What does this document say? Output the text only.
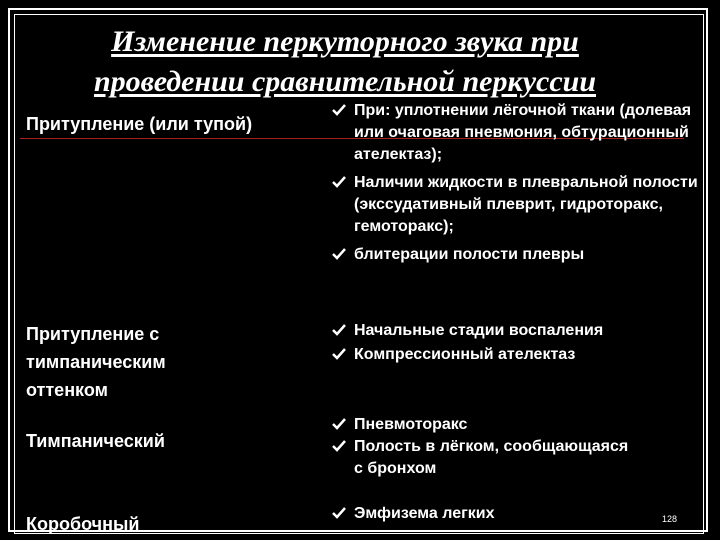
Изменение перкуторного звука при
проведении сравнительной перкуссии
Притупление (или тупой)
При: уплотнении лёгочной ткани (долевая или очаговая пневмония, обтурационный ателектаз);
Наличии жидкости в плевральной полости (экссудативный плеврит, гидроторакс, гемоторакс);
блитерации полости плевры
Притупление с тимпаническим оттенком
Начальные стадии воспаления
Компрессионный ателектаз
Тимпанический
Пневмоторакс
Полость в лёгком, сообщающаяся с бронхом
Коробочный
Эмфизема легких	128
